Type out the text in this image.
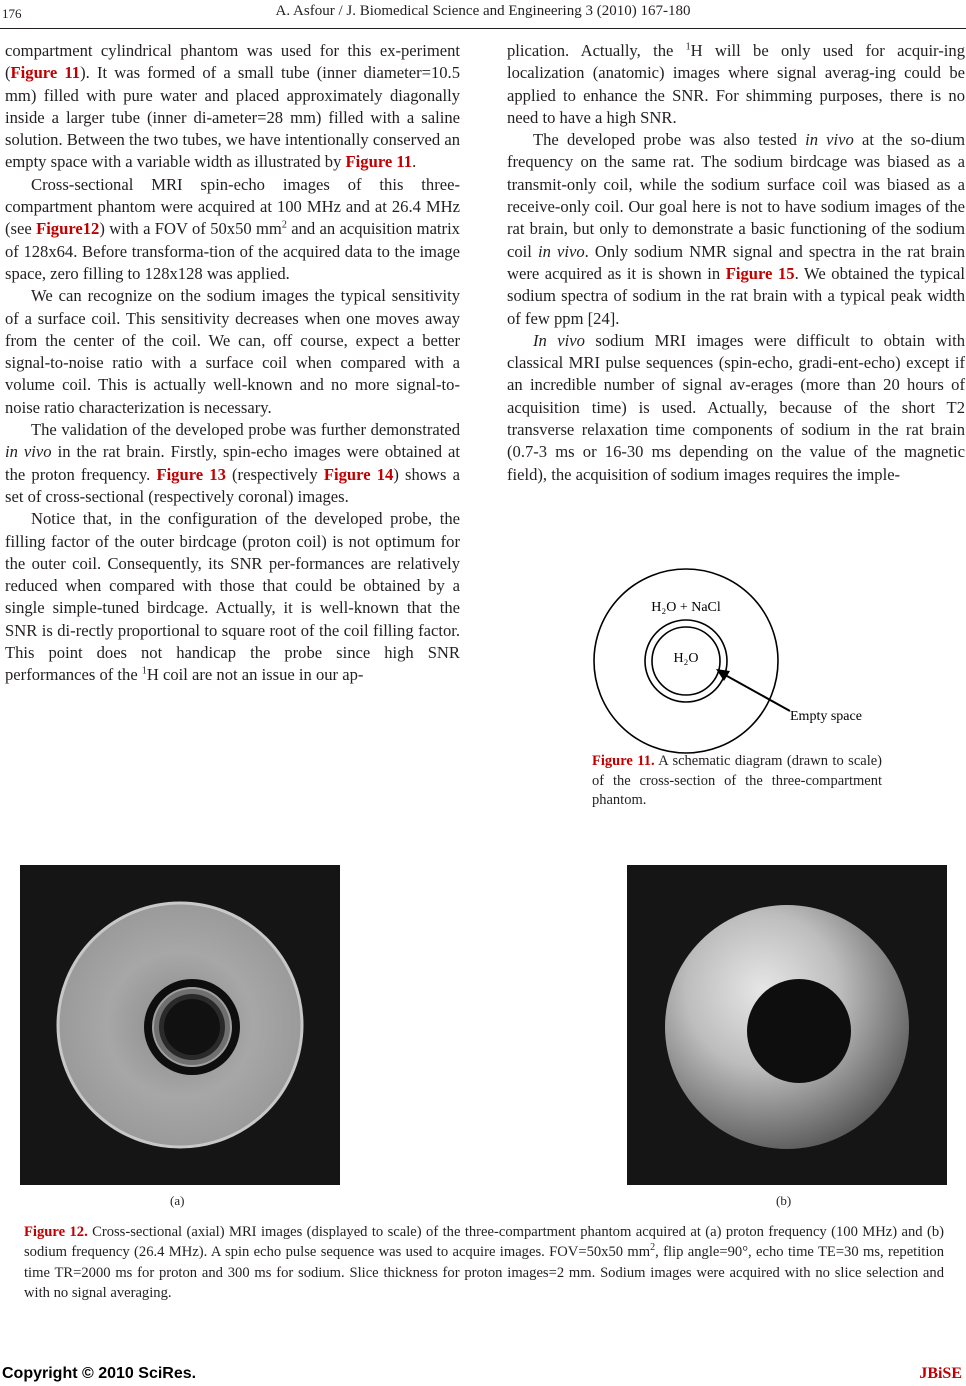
176	A. Asfour / J. Biomedical Science and Engineering 3 (2010) 167-180

compartment cylindrical phantom was used for this ex-periment (Figure 11). It was formed of a small tube (inner diameter=10.5 mm) filled with pure water and placed approximately diagonally inside a larger tube (inner di-ameter=28 mm) filled with a saline solution. Between the two tubes, we have intentionally conserved an empty space with a variable width as illustrated by Figure 11.

Cross-sectional MRI spin-echo images of this three-compartment phantom were acquired at 100 MHz and at 26.4 MHz (see Figure12) with a FOV of 50x50 $mm^2$ and an acquisition matrix of 128x64. Before transforma-tion of the acquired data to the image space, zero filling to 128x128 was applied.

We can recognize on the sodium images the typical sensitivity of a surface coil. This sensitivity decreases when one moves away from the center of the coil. We can, off course, expect a better signal-to-noise ratio with a surface coil when compared with a volume coil. This is actually well-known and no more signal-to-noise ratio characterization is necessary.

The validation of the developed probe was further demonstrated in vivo in the rat brain. Firstly, spin-echo images were obtained at the proton frequency. Figure 13 (respectively Figure 14) shows a set of cross-sectional (respectively coronal) images.

Notice that, in the configuration of the developed probe, the filling factor of the outer birdcage (proton coil) is not optimum for the outer coil. Consequently, its SNR per-formances are relatively reduced when compared with those that could be obtained by a single simple-tuned birdcage. Actually, it is well-known that the SNR is di-rectly proportional to square root of the coil filling factor. This point does not handicap the probe since high SNR performances of the $^1$H coil are not an issue in our ap-

plication. Actually, the $^1$H will be only used for acquir-ing localization (anatomic) images where signal averag-ing could be applied to enhance the SNR. For shimming purposes, there is no need to have a high SNR.

The developed probe was also tested in vivo at the so-dium frequency on the same rat. The sodium birdcage was biased as a transmit-only coil, while the sodium surface coil was biased as a receive-only coil. Our goal here is not to have sodium images of the rat brain, but only to demonstrate a basic functioning of the sodium coil in vivo. Only sodium NMR signal and spectra in the rat brain were acquired as it is shown in Figure 15. We obtained the typical sodium spectra of sodium in the rat brain with a typical peak width of few ppm [24].

In vivo sodium MRI images were difficult to obtain with classical MRI pulse sequences (spin-echo, gradi-ent-echo) except if an incredible number of signal av-erages (more than 20 hours of acquisition time) is used. Actually, because of the short T2 transverse relaxation time components of sodium in the rat brain (0.7-3 ms or 16-30 ms depending on the value of the magnetic field), the acquisition of sodium images requires the imple-

H₂O + NaCl
H₂O
Empty space
Figure 11. A schematic diagram (drawn to scale) of the cross-section of the three-compartment phantom.
(a)	(b)
Figure 12. Cross-sectional (axial) MRI images (displayed to scale) of the three-compartment phantom acquired at (a) proton frequency (100 MHz) and (b) sodium frequency (26.4 MHz). A spin echo pulse sequence was used to acquire images. FOV=50x50 $mm^2$, flip angle=90°, echo time TE=30 ms, repetition time TR=2000 ms for proton and 300 ms for sodium. Slice thickness for proton images=2 mm. Sodium images were acquired with no slice selection and with no signal averaging.
Copyright © 2010 SciRes.	JBiSE
